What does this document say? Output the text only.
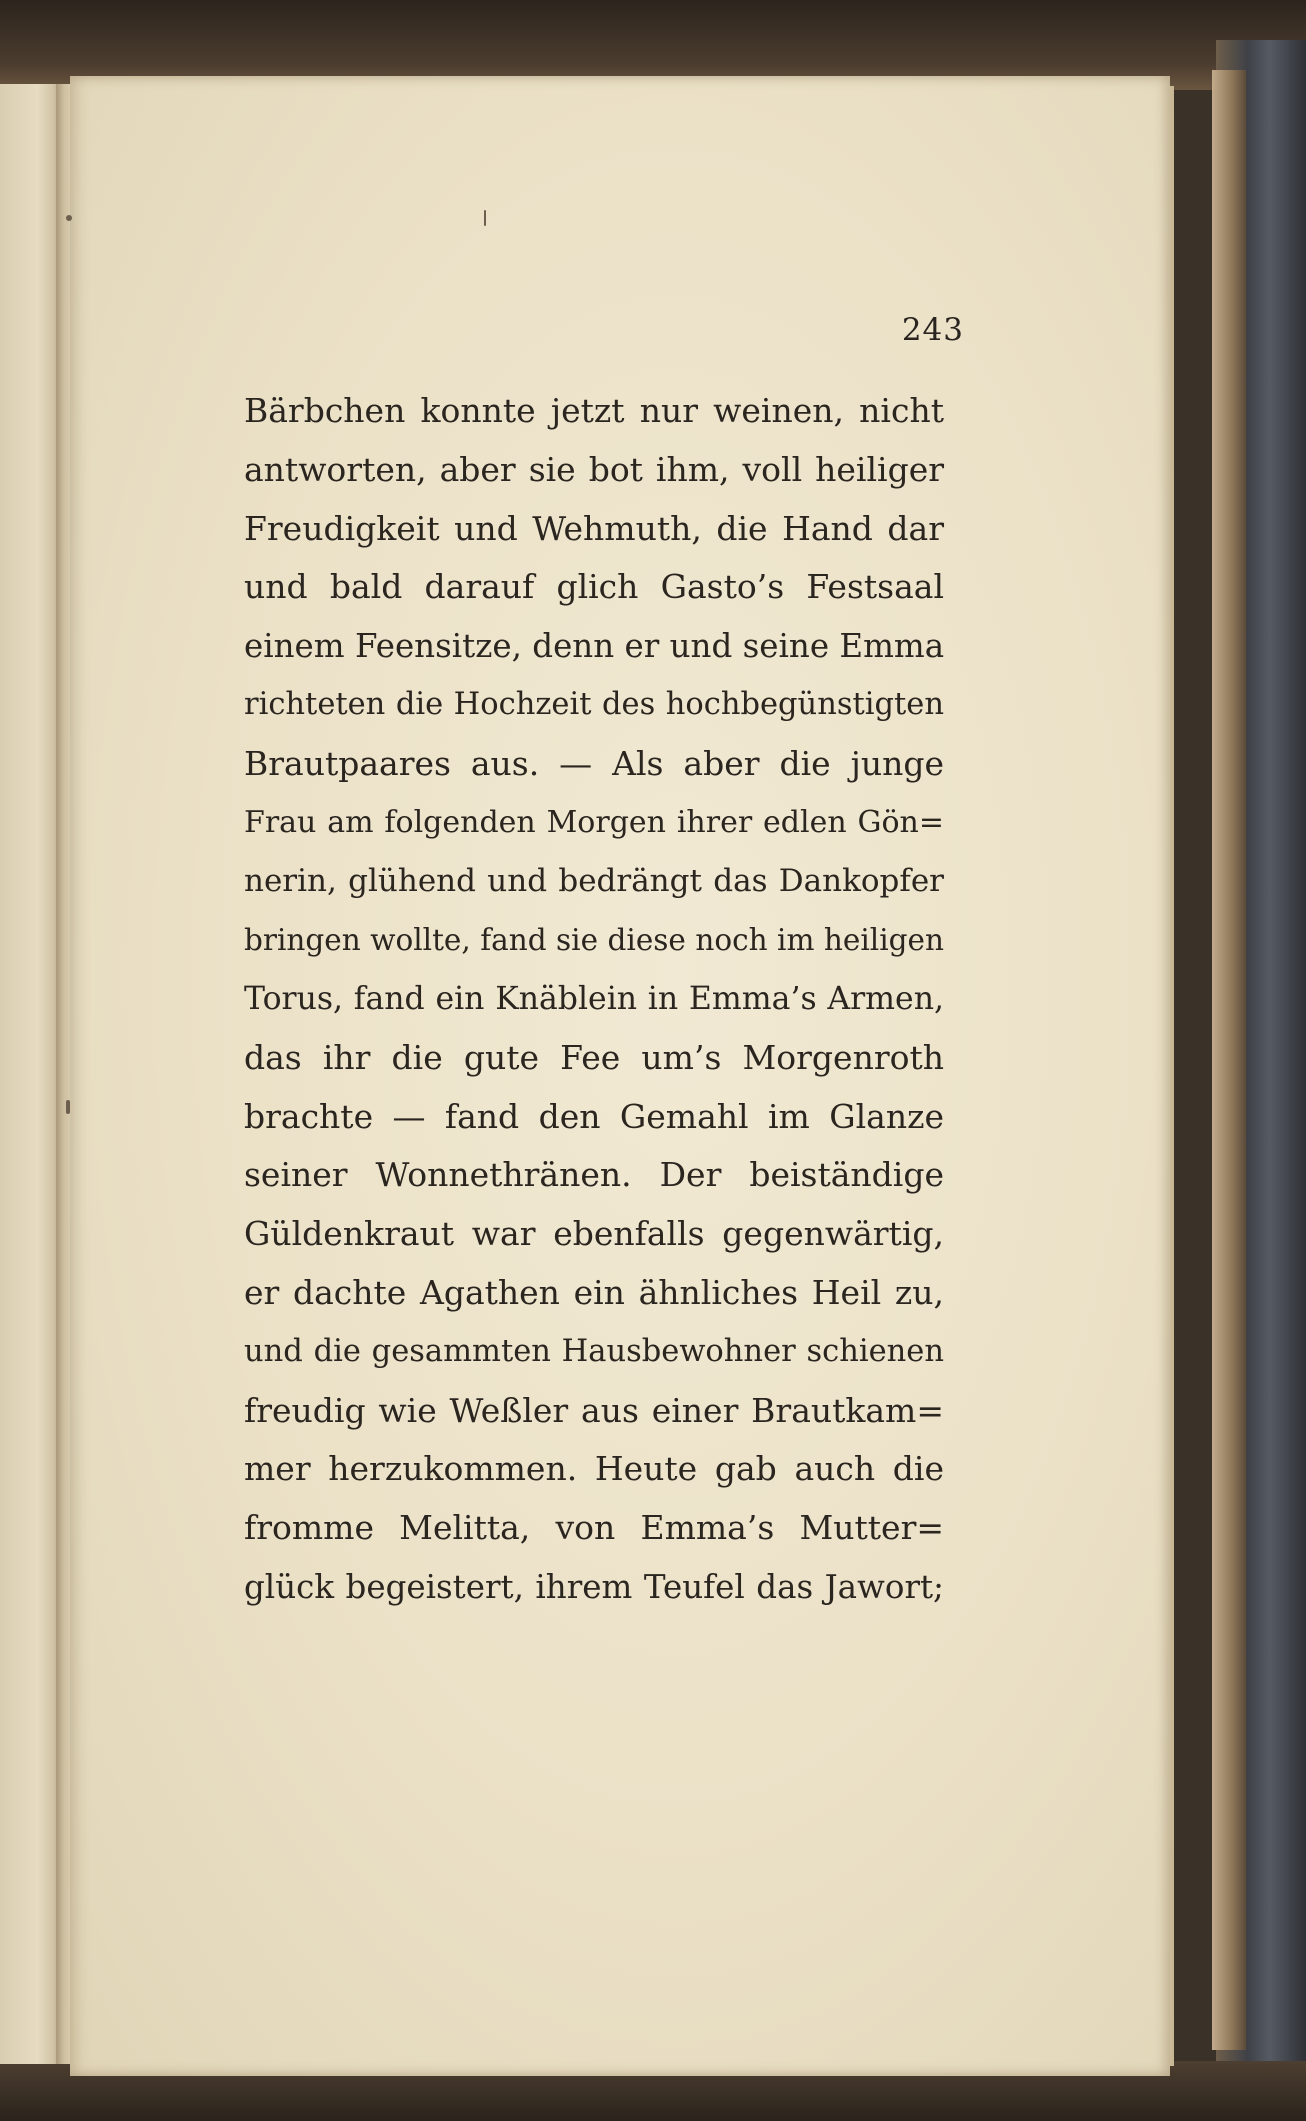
243
Bärbchen konnte jetzt nur weinen, nicht
antworten, aber sie bot ihm, voll heiliger
Freudigkeit und Wehmuth, die Hand dar
und bald darauf glich Gasto’s Festsaal
einem Feensitze, denn er und seine Emma
richteten die Hochzeit des hochbegünstigten
Brautpaares aus. — Als aber die junge
Frau am folgenden Morgen ihrer edlen Gön=
nerin, glühend und bedrängt das Dankopfer
bringen wollte, fand sie diese noch im heiligen
Torus, fand ein Knäblein in Emma’s Armen,
das ihr die gute Fee um’s Morgenroth
brachte — fand den Gemahl im Glanze
seiner Wonnethränen. Der beiständige
Güldenkraut war ebenfalls gegenwärtig,
er dachte Agathen ein ähnliches Heil zu,
und die gesammten Hausbewohner schienen
freudig wie Weßler aus einer Brautkam=
mer herzukommen. Heute gab auch die
fromme Melitta, von Emma’s Mutter=
glück begeistert, ihrem Teufel das Jawort;
